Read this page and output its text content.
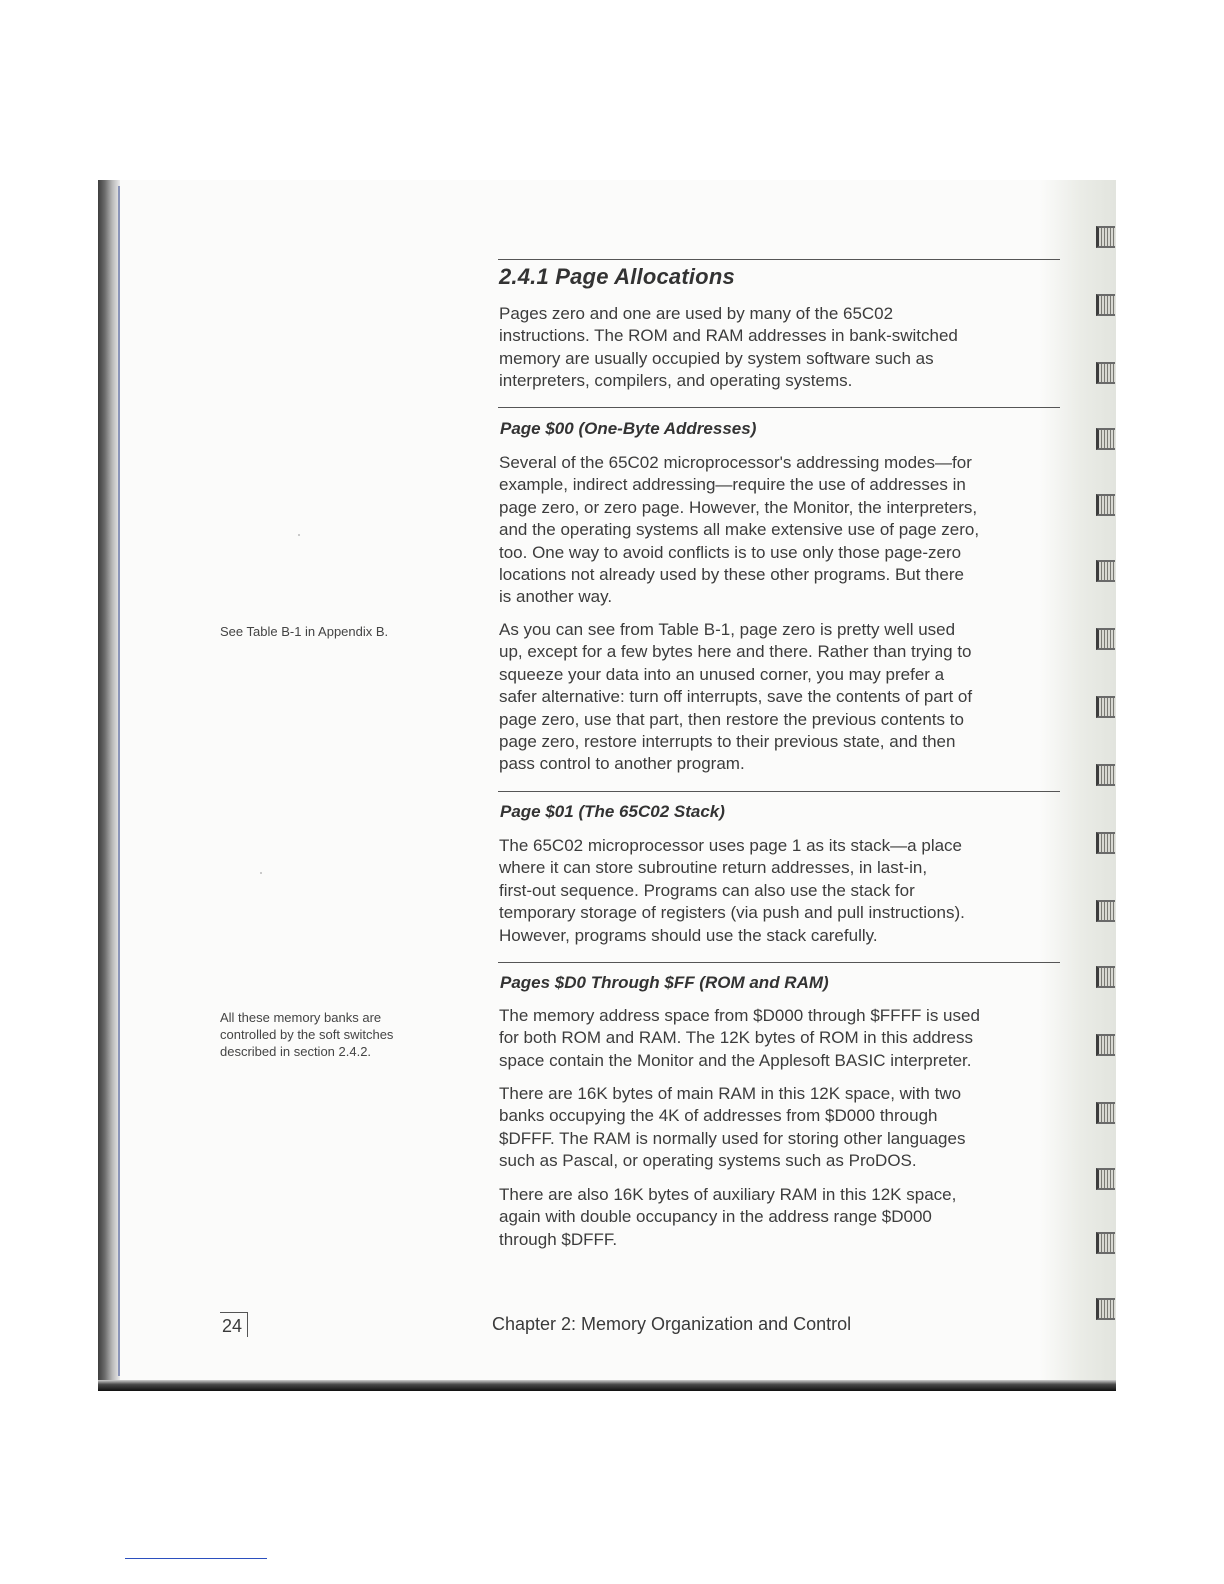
2.4.1 Page Allocations

Pages zero and one are used by many of the 65C02
instructions. The ROM and RAM addresses in bank-switched
memory are usually occupied by system software such as
interpreters, compilers, and operating systems.

Page $00 (One-Byte Addresses)

Several of the 65C02 microprocessor's addressing modes—for
example, indirect addressing—require the use of addresses in
page zero, or zero page. However, the Monitor, the interpreters,
and the operating systems all make extensive use of page zero,
too. One way to avoid conflicts is to use only those page-zero
locations not already used by these other programs. But there
is another way.

See Table B-1 in Appendix B.	As you can see from Table B-1, page zero is pretty well used
up, except for a few bytes here and there. Rather than trying to
squeeze your data into an unused corner, you may prefer a
safer alternative: turn off interrupts, save the contents of part of
page zero, use that part, then restore the previous contents to
page zero, restore interrupts to their previous state, and then
pass control to another program.

Page $01 (The 65C02 Stack)

The 65C02 microprocessor uses page 1 as its stack—a place
where it can store subroutine return addresses, in last-in,
first-out sequence. Programs can also use the stack for
temporary storage of registers (via push and pull instructions).
However, programs should use the stack carefully.

Pages $D0 Through $FF (ROM and RAM)

All these memory banks are
controlled by the soft switches
described in section 2.4.2.

The memory address space from $D000 through $FFFF is used
for both ROM and RAM. The 12K bytes of ROM in this address
space contain the Monitor and the Applesoft BASIC interpreter.

There are 16K bytes of main RAM in this 12K space, with two
banks occupying the 4K of addresses from $D000 through
$DFFF. The RAM is normally used for storing other languages
such as Pascal, or operating systems such as ProDOS.

There are also 16K bytes of auxiliary RAM in this 12K space,
again with double occupancy in the address range $D000
through $DFFF.

24	Chapter 2: Memory Organization and Control
